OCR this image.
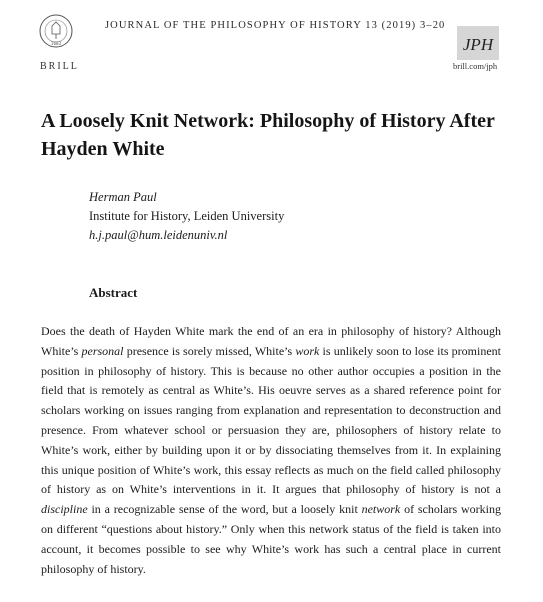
1683
BRILL
JOURNAL OF THE PHILOSOPHY OF HISTORY 13 (2019) 3–20
JPH
brill.com/jph
A Loosely Knit Network: Philosophy of History After Hayden White
Herman Paul
Institute for History, Leiden University
h.j.paul@hum.leidenuniv.nl
Abstract

Does the death of Hayden White mark the end of an era in philosophy of history? Although White’s personal presence is sorely missed, White’s work is unlikely soon to lose its prominent position in philosophy of history. This is because no other author occupies a position in the field that is remotely as central as White’s. His oeuvre serves as a shared reference point for scholars working on issues ranging from explanation and representation to deconstruction and presence. From whatever school or persuasion they are, philosophers of history relate to White’s work, either by building upon it or by dissociating themselves from it. In explaining this unique position of White’s work, this essay reflects as much on the field called philosophy of history as on White’s interventions in it. It argues that philosophy of history is not a discipline in a recognizable sense of the word, but a loosely knit network of scholars working on different “questions about history.” Only when this network status of the field is taken into account, it becomes possible to see why White’s work has such a central place in current philosophy of history.
